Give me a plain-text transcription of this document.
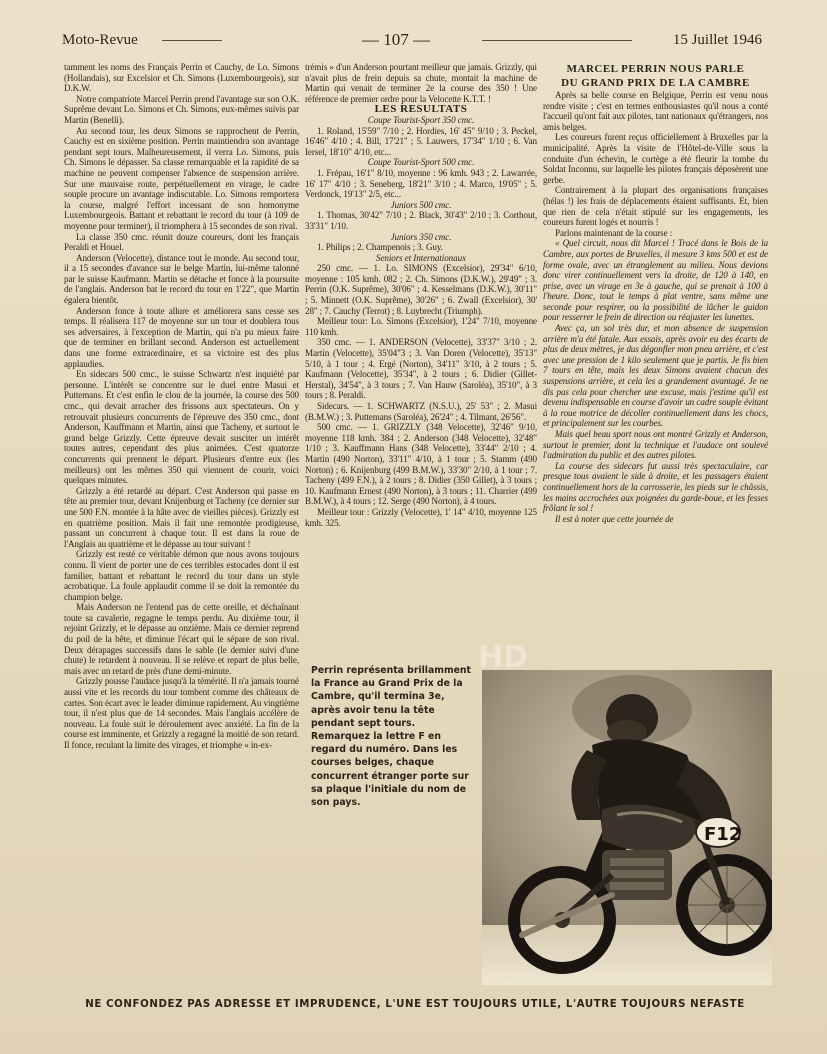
Moto-Revue	— 107 —	15 Juillet 1946

tamment les noms des Français Perrin et Cauchy, de Lo. Simons (Hollandais), sur Excelsior et Ch. Simons (Luxembourgeois), sur D.K.W.

Notre compatriote Marcel Perrin prend l'avantage sur son O.K. Suprême devant Lo. Simons et Ch. Simons, eux-mêmes suivis par Martin (Benelli).

Au second tour, les deux Simons se rapprochent de Perrin, Cauchy est en sixième position. Perrin maintiendra son avantage pendant sept tours. Malheureusement, il verra Lo. Simons, puis Ch. Simons le dépasser. Sa classe remarquable et la rapidité de sa machine ne peuvent compenser l'absence de suspension arrière. Sur une mauvaise route, perpétuellement en virage, le cadre souple procure un avantage indiscutable. Lo. Simons remportera la course, malgré l'effort incessant de son homonyme Luxembourgeois. Battant et rebattant le record du tour (à 109 de moyenne pour terminer), il triomphera à 15 secondes de son rival.

La classe 350 cmc. réunit douze coureurs, dont les français Peraldi et Houel.

Anderson (Velocette), distance tout le monde. Au second tour, il a 15 secondes d'avance sur le belge Martin, lui-même talonné par le suisse Kaufmann. Martin se détache et fonce à la poursuite de l'anglais. Anderson bat le record du tour en 1'22", que Martin égalera bientôt.

Anderson fonce à toute allure et améliorera sans cesse ses temps. Il réalisera 117 de moyenne sur un tour et doublera tous ses adversaires, à l'exception de Martin, qui n'a pu mieux faire que de terminer en brillant second. Anderson est actuellement dans une forme extraordinaire, et sa victoire est des plus applaudies.

En sidecars 500 cmc., le suisse Schwartz n'est inquiété par personne. L'intérêt se concentre sur le duel entre Masui et Puttemans. Et c'est enfin le clou de la journée, la course des 500 cmc., qui devait arracher des frissons aux spectateurs. On y retrouvait plusieurs concurrents de l'épreuve des 350 cmc., dont Anderson, Kauffmann et Martin, ainsi que Tacheny, et surtout le grand belge Grizzly. Cette épreuve devait susciter un intérêt toutes autres, cependant des plus animées. C'est quatorze concurrents qui prennent le départ. Plusieurs d'entre eux (les meilleurs) ont les mêmes 350 qui viennent de courir, voici quelques minutes.

Grizzly a été retardé au départ. C'est Anderson qui passe en tête au premier tour, devant Knijenburg et Tacheny (ce dernier sur une 500 F.N. montée à la hâte avec de vieilles pièces). Grizzly est en quatrième position. Mais il fait une remontée prodigieuse, passant un concurrent à chaque tour. Il est dans la roue de l'Anglais au quatrième et le dépasse au tour suivant !

Grizzly est resté ce véritable démon que nous avons toujours connu. Il vient de porter une de ces terribles estocades dont il est familier, battant et rebattant le record du tour dans un style acrobatique. La foule applaudit comme il se doit la remontée du champion belge.

Mais Anderson ne l'entend pas de cette oreille, et déchaînant toute sa cavalerie, regagne le temps perdu. Au dixième tour, il rejoint Grizzly, et le dépasse au onzième. Mais ce dernier reprend du poil de la bête, et diminue l'écart qui le sépare de son rival. Deux dérapages successifs dans le sable (le dernier suivi d'une chute) le retardent à nouveau. Il se relève et repart de plus belle, mais avec un retard de près d'une demi-minute.

Grizzly pousse l'audace jusqu'à la témérité. Il n'a jamais tourné aussi vite et les records du tour tombent comme des châteaux de cartes. Son écart avec le leader diminue rapidement. Au vingtième tour, il n'est plus que de 14 secondes. Mais l'anglais accélère de nouveau. La foule suit le déroulement avec anxiété. La fin de la course est imminente, et Grizzly a regagné la moitié de son retard. Il fonce, reculant la limite des virages, et triomphe « in-ex-

trémis » d'un Anderson pourtant meilleur que jamais. Grizzly, qui n'avait plus de frein depuis sa chute, montait la machine de Martin qui venait de terminer 2e la course des 350 ! Une référence de premier ordre pour la Velocette K.T.T. !

LES RESULTATS

Coupe Tourist-Sport 350 cmc.

1. Roland, 15'59" 7/10 ; 2. Hordies, 16' 45" 9/10 ; 3. Peckel, 16'46" 4/10 ; 4. Bill, 17'21" ; 5. Lauwers, 17'34" 1/10 ; 6. Van Iersel, 18'10" 4/10, etc...

Coupe Tourist-Sport 500 cmc.

1. Frépau, 16'1" 8/10, moyenne : 96 kmh. 943 ; 2. Lawarrée, 16' 17" 4/10 ; 3. Seneberg, 18'21" 3/10 ; 4. Marco, 19'05" ; 5. Verdonck, 19'13" 2/5, etc...

Juniors 500 cmc.

1. Thomas, 30'42" 7/10 ; 2. Black, 30'43" 2/10 ; 3. Corthout, 33'31" 1/10.

Juniors 350 cmc.

1. Philips ; 2. Champenois ; 3. Guy.

Seniors et Internationaux

250 cmc. — 1. Lo. SIMONS (Excelsior), 29'34" 6/10, moyenne : 105 kmh. 082 ; 2. Ch. Simons (D.K.W.), 29'49" ; 3. Perrin (O.K. Suprême), 30'06" ; 4. Kesselmans (D.K.W.), 30'11" ; 5. Minnett (O.K. Suprême), 30'26" ; 6. Zwall (Excelsior), 30' 28" ; 7. Cauchy (Terrot) ; 8. Luybrecht (Triumph).

Meilleur tour: Lo. Simons (Excelsior), 1'24" 7/10, moyenne 110 kmh.

350 cmc. — 1. ANDERSON (Velocette), 33'37" 3/10 ; 2. Martin (Velocette), 35'04"3 ; 3. Van Doren (Velocette), 35'13" 5/10, à 1 tour ; 4. Ergé (Norton), 34'11" 3/10, à 2 tours ; 5. Kaufmann (Velocette), 35'34", à 2 tours ; 6. Didier (Gillet-Herstal), 34'54", à 3 tours ; 7. Van Hauw (Saroléa), 35'10", à 3 tours ; 8. Peraldi.

Sidecars. — 1. SCHWARTZ (N.S.U.), 25' 53" ; 2. Masui (B.M.W.) ; 3. Puttemans (Saroléa), 26'24" ; 4. Tilmant, 26'56".

500 cmc. — 1. GRIZZLY (348 Velocette), 32'46" 9/10, moyenne 118 kmh. 384 ; 2. Anderson (348 Velocette), 32'48" 1/10 ; 3. Kauffmann Hans (348 Velocette), 33'44" 2/10 ; 4. Martin (490 Norton), 33'11" 4/10, à 1 tour ; 5. Stamm (490 Norton) ; 6. Knijenburg (499 B.M.W.), 33'30" 2/10, à 1 tour ; 7. Tacheny (499 F.N.), à 2 tours ; 8. Didier (350 Gillet), à 3 tours ; 10. Kaufmann Ernest (490 Norton), à 3 tours ; 11. Charrier (499 B.M.W.), à 4 tours ; 12. Serge (490 Norton), à 4 tours.

Meilleur tour : Grizzly (Velocette), 1' 14" 4/10, moyenne 125 kmh. 325.

MARCEL PERRIN NOUS PARLE
DU GRAND PRIX DE LA CAMBRE

Après sa belle course en Belgique, Perrin est venu nous rendre visite ; c'est en termes enthousiastes qu'il nous a conté l'accueil qu'ont fait aux pilotes, tant nationaux qu'étrangers, nos amis belges.

Les coureurs furent reçus officiellement à Bruxelles par la municipalité. Après la visite de l'Hôtel-de-Ville sous la conduite d'un échevin, le cortège a été fleurir la tombe du Soldat Inconnu, sur laquelle les pilotes français déposèrent une gerbe.

Contrairement à la plupart des organisations françaises (hélas !) les frais de déplacements étaient suffisants. Et, bien que rien de cela n'était stipulé sur les engagements, les coureurs furent logés et nourris !

Parlons maintenant de la course :

« Quel circuit, nous dit Marcel ! Tracé dans le Bois de la Cambre, aux portes de Bruxelles, il mesure 3 kms 500 et est de forme ovale, avec un étranglement au milieu. Nous devions donc virer continuellement vers la droite, de 120 à 140, en prise, avec un virage en 3e à gauche, qui se prenait à 100 à l'heure. Donc, tout le temps à plat ventre, sans même une seconde pour respirer, ou la possibilité de lâcher le guidon pour resserrer le frein de direction ou réajuster les lunettes.

Avec ça, un sol très dur, et mon absence de suspension arrière m'a été fatale. Aux essais, après avoir eu des écarts de plus de deux mètres, je dus dégonfler mon pneu arrière, et c'est avec une pression de 1 kilo seulement que je partis. Je fis bien 7 tours en tête, mais les deux Simons avaient chacun des suspensions arrière, et cela les a grandement avantagé. Je ne dis pas cela pour chercher une excuse, mais j'estime qu'il est devenu indispensable en course d'avoir un cadre souple évitant à la roue motrice de décoller continuellement dans les chocs, et principalement sur les courbes.

Mais quel beau sport nous ont montré Grizzly et Anderson, surtout le premier, dont la technique et l'audace ont soulevé l'admiration du public et des autres pilotes.

La course des sidecars fut aussi très spectaculaire, car presque tous avaient le side à droite, et les passagers étaient continuellement hors de la carrosserie, les pieds sur le châssis, les mains accrochées aux poignées du garde-boue, et les fesses frôlant le sol !

Il est à noter que cette journée de

Perrin représenta brillamment la France au Grand Prix de la Cambre, qu'il termina 3e, après avoir tenu la tête pendant sept tours. Remarquez la lettre F en regard du numéro. Dans les courses belges, chaque concurrent étranger porte sur sa plaque l'initiale du nom de son pays.
F12
HD
NE CONFONDEZ PAS ADRESSE ET IMPRUDENCE, L'UNE EST TOUJOURS UTILE, L'AUTRE TOUJOURS NEFASTE
